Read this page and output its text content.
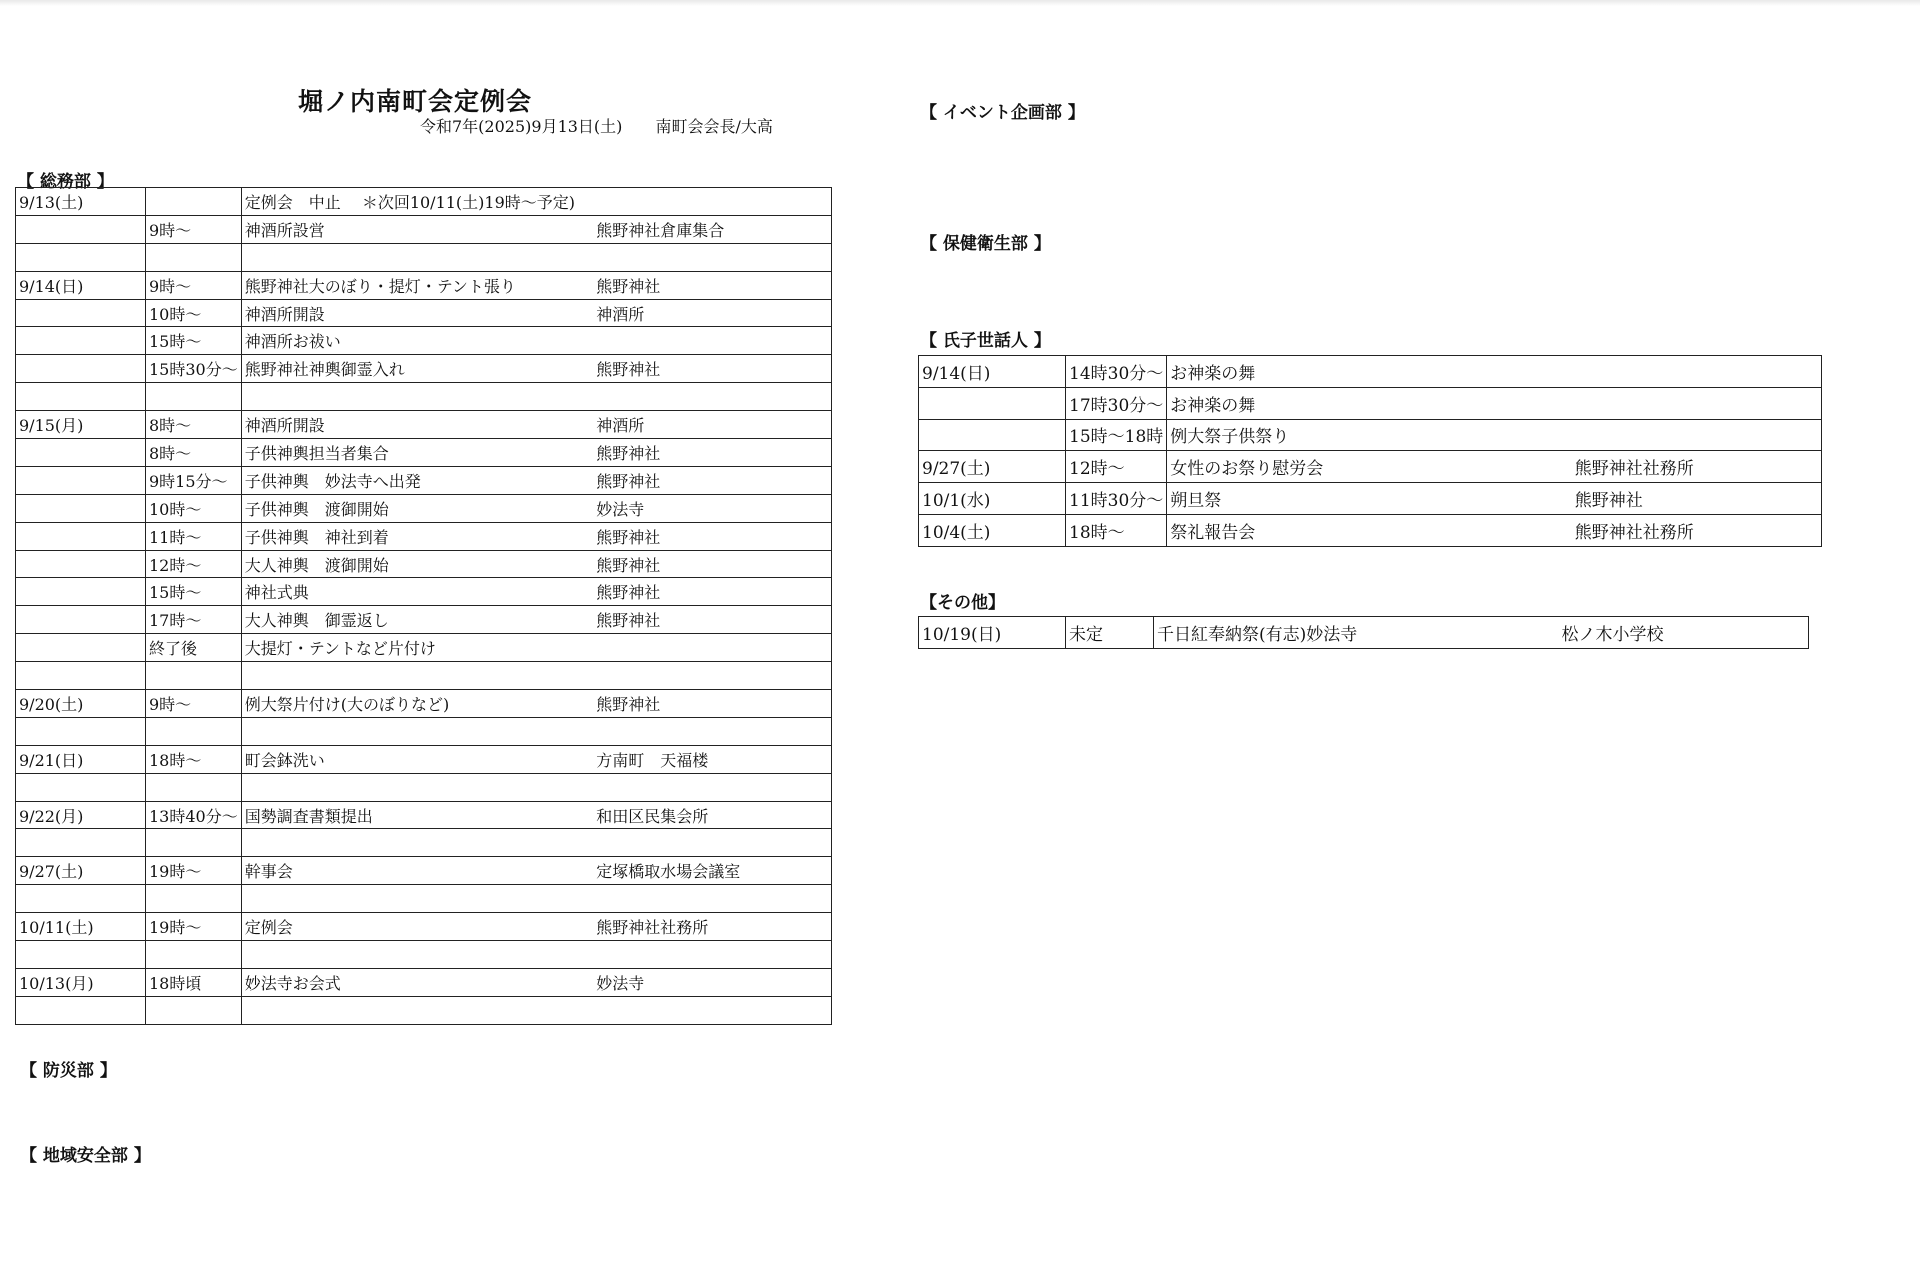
堀ノ内南町会定例会
令和7年(2025)9月13日(土) 南町会会長/大高
【 総務部 】
9/13(土)		定例会　中止　 ＊次回10/11(土)19時～予定)	
	9時～	神酒所設営	熊野神社倉庫集合

9/14(日)	9時～	熊野神社大のぼり・提灯・テント張り	熊野神社
	10時～	神酒所開設	神酒所
	15時～	神酒所お祓い	
	15時30分～	熊野神社神輿御霊入れ	熊野神社

9/15(月)	8時～	神酒所開設	神酒所
	8時～	子供神輿担当者集合	熊野神社
	9時15分～	子供神輿　妙法寺へ出発	熊野神社
	10時～	子供神輿　渡御開始	妙法寺
	11時～	子供神輿　神社到着	熊野神社
	12時～	大人神輿　渡御開始	熊野神社
	15時～	神社式典	熊野神社
	17時～	大人神輿　御霊返し	熊野神社
	終了後	大提灯・テントなど片付け	

9/20(土)	9時～	例大祭片付け(大のぼりなど)	熊野神社

9/21(日)	18時～	町会鉢洗い	方南町　天福楼

9/22(月)	13時40分～	国勢調査書類提出	和田区民集会所

9/27(土)	19時～	幹事会	定塚橋取水場会議室

10/11(土)	19時～	定例会	熊野神社社務所

10/13(月)	18時頃	妙法寺お会式	妙法寺

【 防災部 】
【 地域安全部 】
【 イベント企画部 】
【 保健衛生部 】
【 氏子世話人 】
9/14(日)	14時30分～	お神楽の舞	
	17時30分～	お神楽の舞	
	15時～18時	例大祭子供祭り	
9/27(土)	12時～	女性のお祭り慰労会	熊野神社社務所
10/1(水)	11時30分～	朔旦祭	熊野神社
10/4(土)	18時～	祭礼報告会	熊野神社社務所
【その他】
10/19(日)	未定	千日紅奉納祭(有志)妙法寺	松ノ木小学校
